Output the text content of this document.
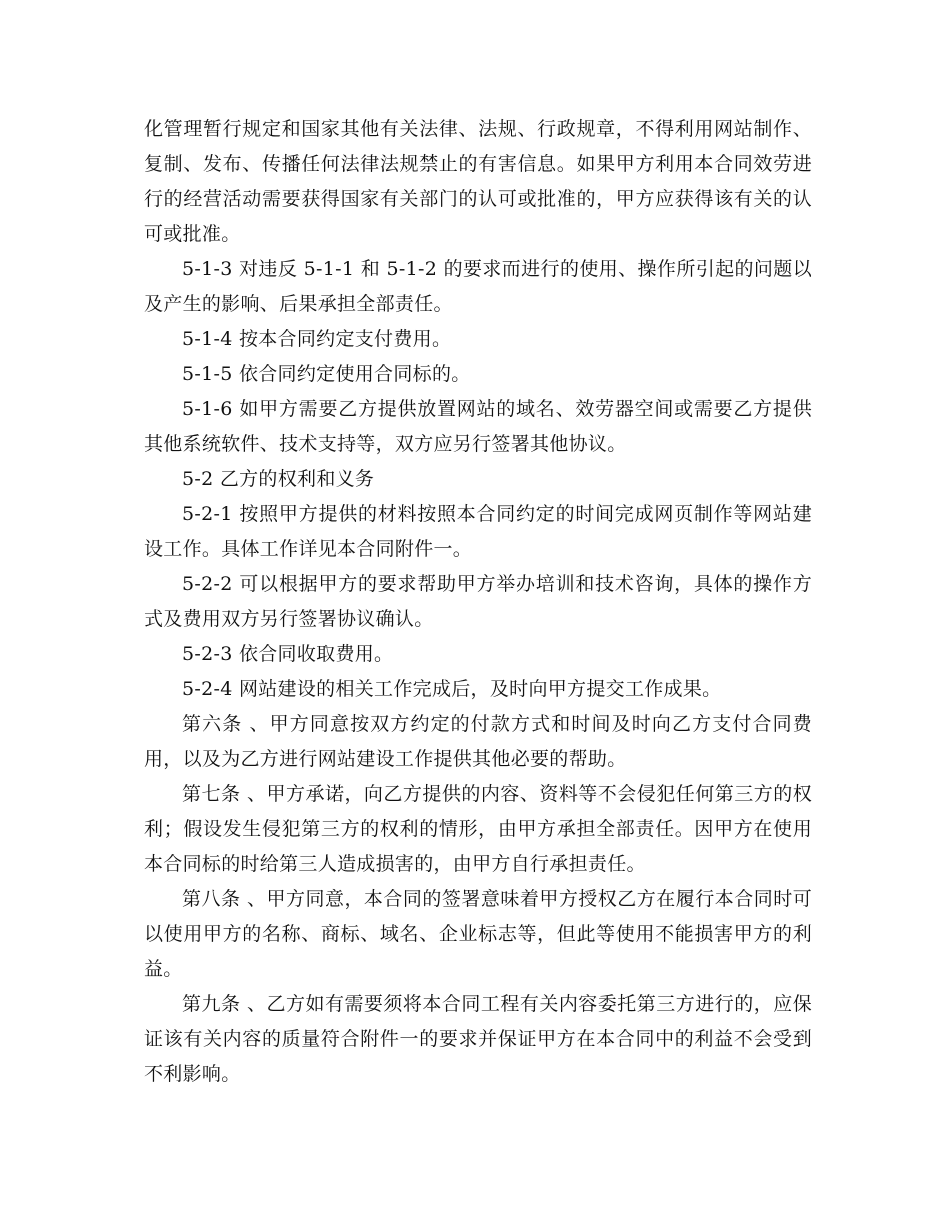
化管理暂行规定和国家其他有关法律、法规、行政规章，不得利用网站制作、复制、发布、传播任何法律法规禁止的有害信息。如果甲方利用本合同效劳进行的经营活动需要获得国家有关部门的认可或批准的，甲方应获得该有关的认可或批准。

5-1-3 对违反 5-1-1 和 5-1-2 的要求而进行的使用、操作所引起的问题以及产生的影响、后果承担全部责任。

5-1-4 按本合同约定支付费用。

5-1-5 依合同约定使用合同标的。

5-1-6 如甲方需要乙方提供放置网站的域名、效劳器空间或需要乙方提供其他系统软件、技术支持等，双方应另行签署其他协议。

5-2 乙方的权利和义务

5-2-1 按照甲方提供的材料按照本合同约定的时间完成网页制作等网站建设工作。具体工作详见本合同附件一。

5-2-2 可以根据甲方的要求帮助甲方举办培训和技术咨询，具体的操作方式及费用双方另行签署协议确认。

5-2-3 依合同收取费用。

5-2-4 网站建设的相关工作完成后，及时向甲方提交工作成果。

第六条 、甲方同意按双方约定的付款方式和时间及时向乙方支付合同费用，以及为乙方进行网站建设工作提供其他必要的帮助。

第七条 、甲方承诺，向乙方提供的内容、资料等不会侵犯任何第三方的权利；假设发生侵犯第三方的权利的情形，由甲方承担全部责任。因甲方在使用本合同标的时给第三人造成损害的，由甲方自行承担责任。

第八条 、甲方同意，本合同的签署意味着甲方授权乙方在履行本合同时可以使用甲方的名称、商标、域名、企业标志等，但此等使用不能损害甲方的利益。

第九条 、乙方如有需要须将本合同工程有关内容委托第三方进行的，应保证该有关内容的质量符合附件一的要求并保证甲方在本合同中的利益不会受到不利影响。
